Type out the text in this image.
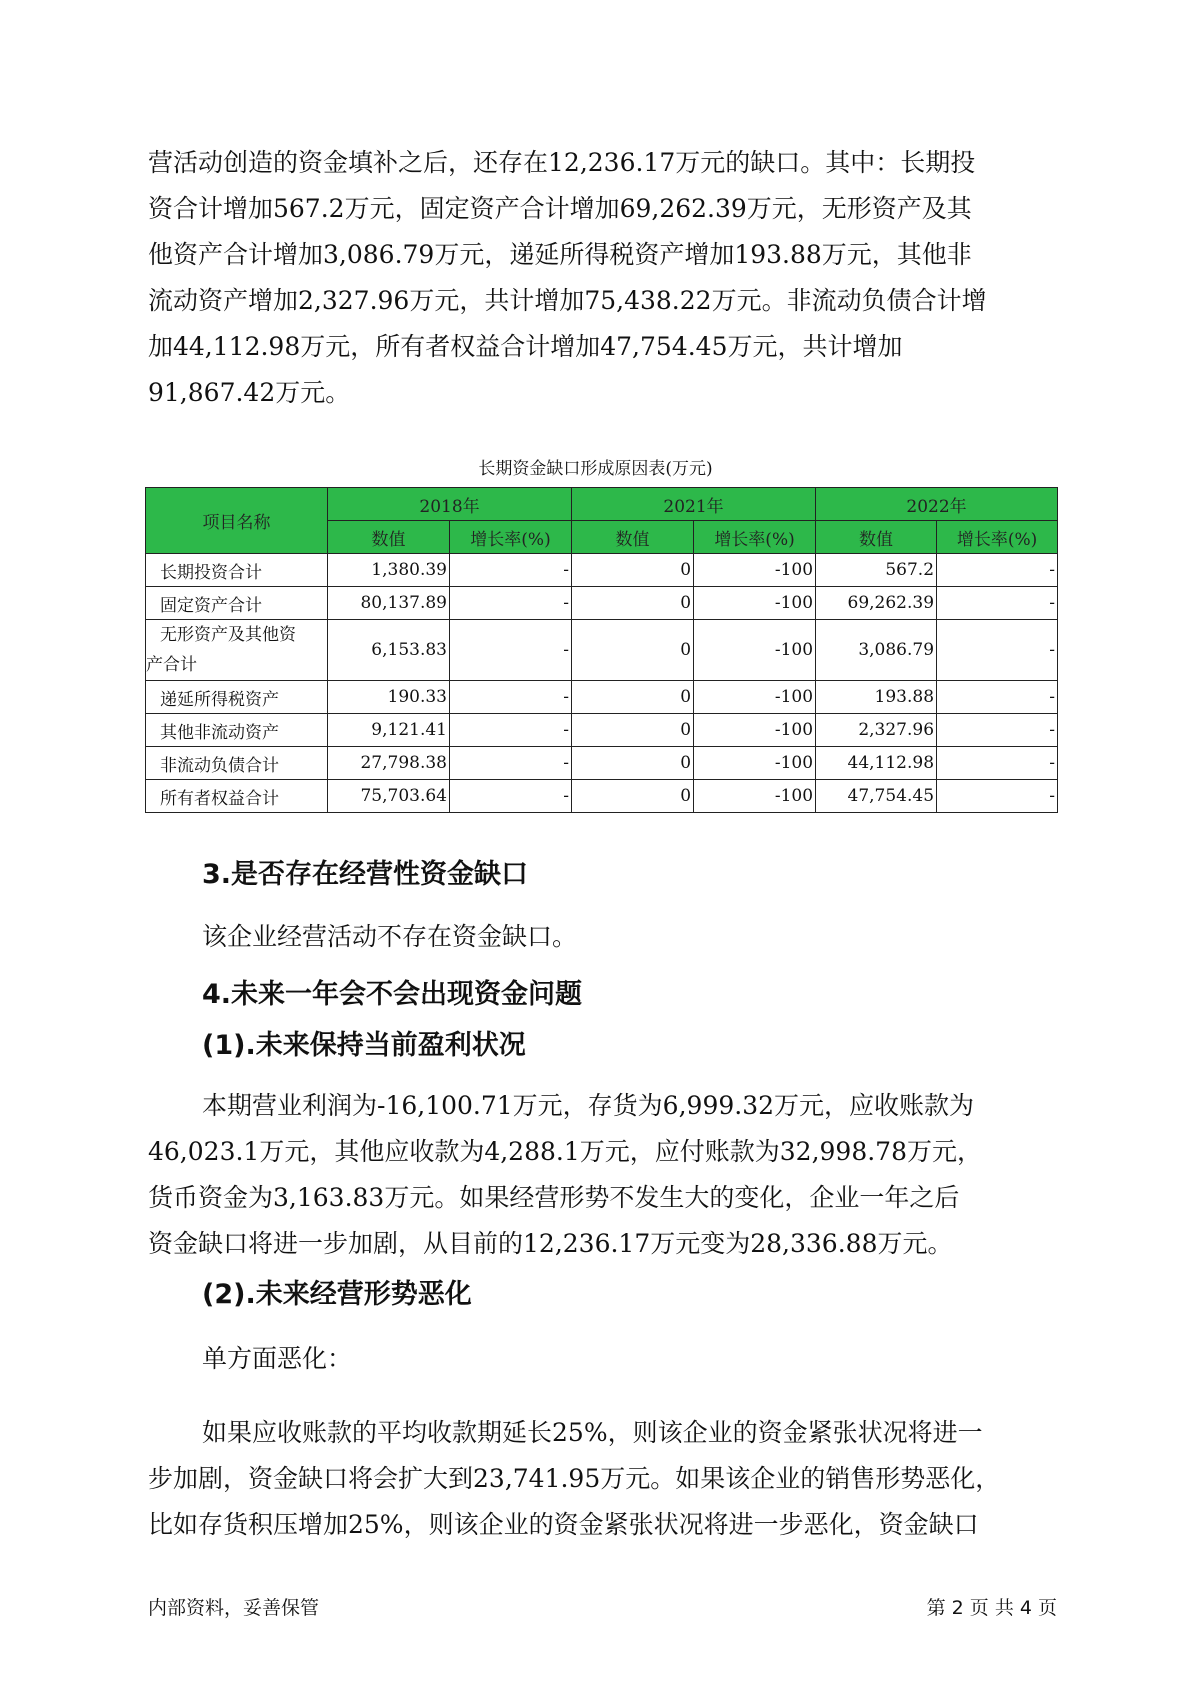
营活动创造的资金填补之后，还存在12,236.17万元的缺口。其中：长期投
资合计增加567.2万元，固定资产合计增加69,262.39万元，无形资产及其
他资产合计增加3,086.79万元，递延所得税资产增加193.88万元，其他非
流动资产增加2,327.96万元，共计增加75,438.22万元。非流动负债合计增
加44,112.98万元，所有者权益合计增加47,754.45万元，共计增加
91,867.42万元。
长期资金缺口形成原因表(万元)
项目名称	2018年		2021年		2022年	
	数值	增长率(%)	数值	增长率(%)	数值	增长率(%)
长期投资合计	1,380.39	-	0	-100	567.2	-
固定资产合计	80,137.89	-	0	-100	69,262.39	-

无形资产及其他资
产合计	6,153.83	-	0	-100	3,086.79	-
递延所得税资产	190.33	-	0	-100	193.88	-
其他非流动资产	9,121.41	-	0	-100	2,327.96	-
非流动负债合计	27,798.38	-	0	-100	44,112.98	-
所有者权益合计	75,703.64	-	0	-100	47,754.45	-
3.是否存在经营性资金缺口
该企业经营活动不存在资金缺口。
4.未来一年会不会出现资金问题
(1).未来保持当前盈利状况
本期营业利润为-16,100.71万元，存货为6,999.32万元，应收账款为
46,023.1万元，其他应收款为4,288.1万元，应付账款为32,998.78万元，
货币资金为3,163.83万元。如果经营形势不发生大的变化，企业一年之后
资金缺口将进一步加剧，从目前的12,236.17万元变为28,336.88万元。
(2).未来经营形势恶化
单方面恶化：
如果应收账款的平均收款期延长25%，则该企业的资金紧张状况将进一
步加剧，资金缺口将会扩大到23,741.95万元。如果该企业的销售形势恶化，
比如存货积压增加25%，则该企业的资金紧张状况将进一步恶化，资金缺口
内部资料，妥善保管	第 2 页 共 4 页
